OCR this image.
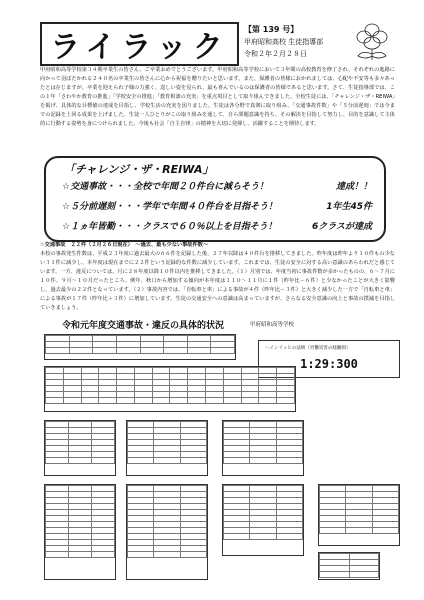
ライラック
【第 139 号】
甲府昭和高校 生徒指導部
令和２年２月２８日
甲府昭和高等学校第３４期卒業生の皆さん、ご卒業おめでとうございます。甲府昭和高等学校において３年間の高校教育を修了され、それぞれの進路に向かって羽ばたかれる２４０名の卒業生の皆さんに心から祝福を贈りたいと思います。また、保護者の皆様におかれましては、心配や不安等も多々あったとは存じますが、卒業を迎えられ子様の力強く、逞しい姿を見られ、最も喜んでいるのは保護者の皆様であると思います。さて、生徒指導部では、この１年「さわやか教育の推進」「学校安全の推進」「教育相談の充実」を重点項目として取り組んできました。全校生徒には、「チャレンジ・ザ・REIWA」を掲げ、具体的な目標値の達成を目指し、学校生活の充実を図りました。生徒は各分野で真剣に取り組み、「交通事故件数」や「５分前遅刻」では今までの記録を上回る成果を上げました。生徒一人ひとりがこの取り組みを通して、自ら問題意識を持ち、その解決を目指して努力し、目的を意識して主体的に行動する姿勢を身につけられました。今後も社会「自主自律」の精神を大切に発揮し、活躍することを期待します。
「チャレンジ・ザ・REIWA」
☆交通事故・・・全校で年間２０件台に減らそう！	達成！！
☆５分前遅刻・・・学年で年間４０件台を目指そう！	1年生45件
☆１ヵ年皆勤・・・クラスで６０％以上を目指そう！	6クラスが達成
☆交通事故　２２件（２月２６日現在）　～過去、最も少ない事故件数～
本校の事故発生件数は、平成２３年度に過去最大の６６件を記録した後、２７年以降は４０件台を推移してきました。昨年度は昨年より１０件もの少ない３１件に減少し、本年度は現在までに２２件という記録的な件数に減少しています。これまでは、生徒の安全に対する高い意識のあらわれだと感じています。一方、違反については、月に２８年度以降１０件以内を推移してきました。（１）月別では、年度当初に事故件数が多かったものの、６～７月に１０件、９月～１０月だったところ、例年、秋口から増加する傾向が本年度は１１０～１１月に１件（昨年比－６件）と少なかったことが大きく影響し、過去最少の２２件となっています。（２）事故内容では、「自転車と車」による事故が４件（昨年比－３件）と大きく減少した一方で「自転車と車」による事故が１７件（昨年比＋３件）に増加しています。生徒の交通安全への意識は高まっていますが、さらなる安全意識の向上と事故の撲滅を目指していきましょう。
令和元年度交通事故・違反の具体的状況	甲府昭和高等学校

ハインリッヒの法則（労働災害の経験則）
1:29:300
